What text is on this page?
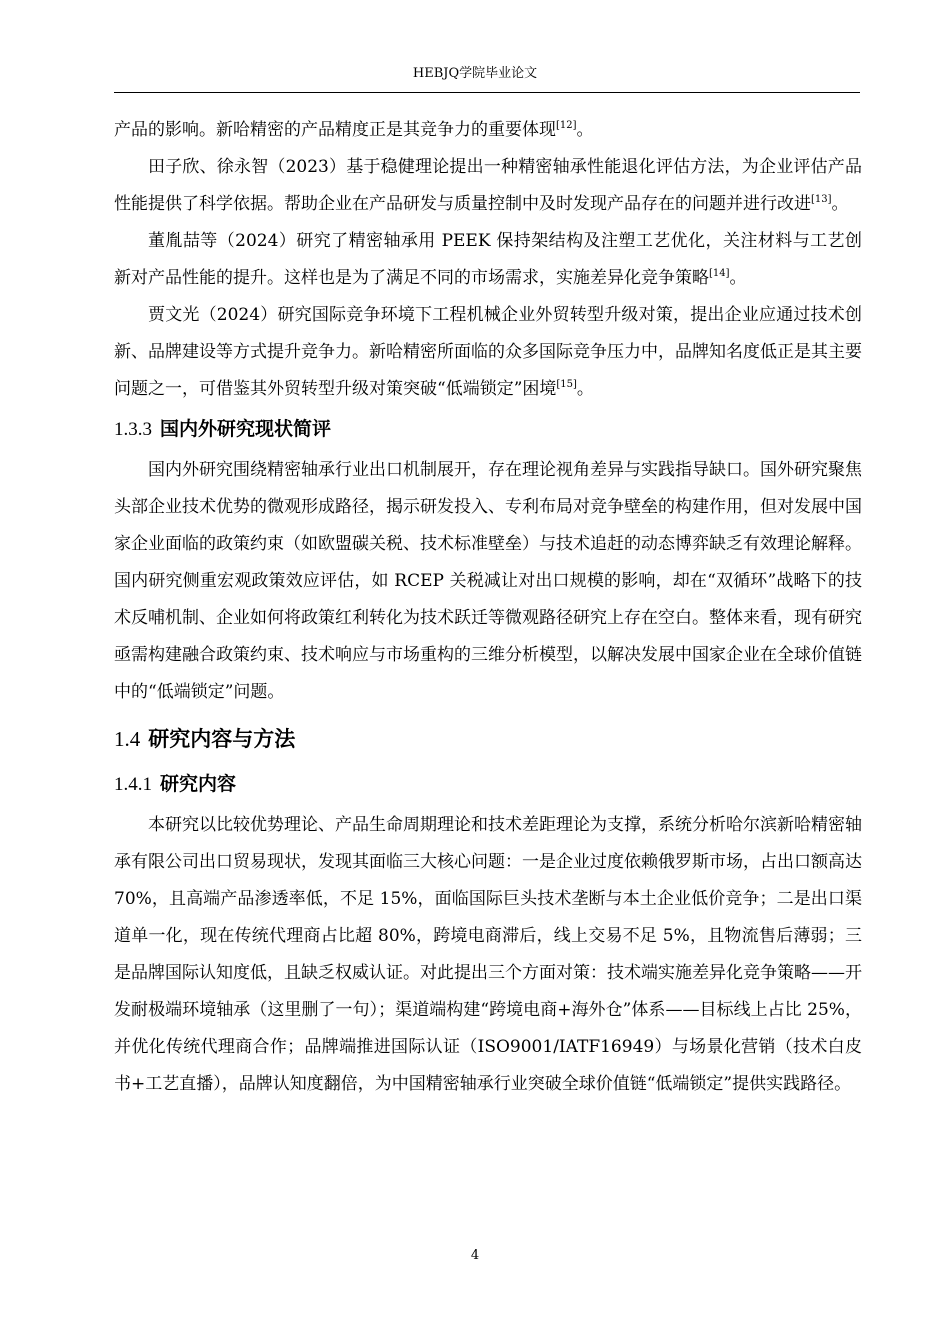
HEBJQ学院毕业论文

产品的影响。新哈精密的产品精度正是其竞争力的重要体现[12]。

田子欣、徐永智（2023）基于稳健理论提出一种精密轴承性能退化评估方法，为企业评估产品性能提供了科学依据。帮助企业在产品研发与质量控制中及时发现产品存在的问题并进行改进[13]。

董胤喆等（2024）研究了精密轴承用 PEEK 保持架结构及注塑工艺优化，关注材料与工艺创新对产品性能的提升。这样也是为了满足不同的市场需求，实施差异化竞争策略[14]。

贾文光（2024）研究国际竞争环境下工程机械企业外贸转型升级对策，提出企业应通过技术创新、品牌建设等方式提升竞争力。新哈精密所面临的众多国际竞争压力中，品牌知名度低正是其主要问题之一，可借鉴其外贸转型升级对策突破“低端锁定”困境[15]。

1.3.3 国内外研究现状简评

国内外研究围绕精密轴承行业出口机制展开，存在理论视角差异与实践指导缺口。国外研究聚焦头部企业技术优势的微观形成路径，揭示研发投入、专利布局对竞争壁垒的构建作用，但对发展中国家企业面临的政策约束（如欧盟碳关税、技术标准壁垒）与技术追赶的动态博弈缺乏有效理论解释。国内研究侧重宏观政策效应评估，如 RCEP 关税减让对出口规模的影响，却在“双循环”战略下的技术反哺机制、企业如何将政策红利转化为技术跃迁等微观路径研究上存在空白。整体来看，现有研究亟需构建融合政策约束、技术响应与市场重构的三维分析模型，以解决发展中国家企业在全球价值链中的“低端锁定”问题。

1.4 研究内容与方法
1.4.1 研究内容

本研究以比较优势理论、产品生命周期理论和技术差距理论为支撑，系统分析哈尔滨新哈精密轴承有限公司出口贸易现状，发现其面临三大核心问题：一是企业过度依赖俄罗斯市场，占出口额高达 70%，且高端产品渗透率低，不足 15%，面临国际巨头技术垄断与本土企业低价竞争；二是出口渠道单一化，现在传统代理商占比超 80%，跨境电商滞后，线上交易不足 5%，且物流售后薄弱；三是品牌国际认知度低，且缺乏权威认证。对此提出三个方面对策：技术端实施差异化竞争策略——开发耐极端环境轴承（这里删了一句）；渠道端构建“跨境电商+海外仓”体系——目标线上占比 25%，并优化传统代理商合作；品牌端推进国际认证（ISO9001/IATF16949）与场景化营销（技术白皮书+工艺直播），品牌认知度翻倍，为中国精密轴承行业突破全球价值链“低端锁定”提供实践路径。

4
